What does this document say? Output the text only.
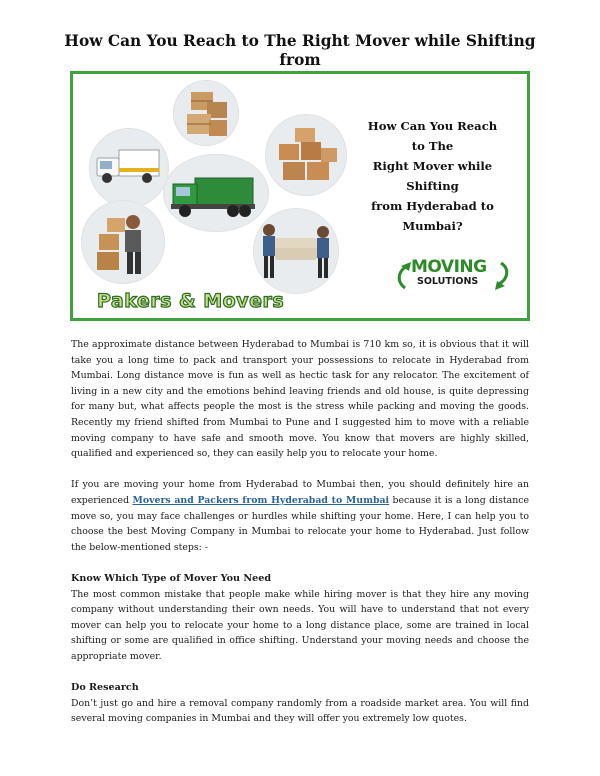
How Can You Reach to The Right Mover while Shifting from
How Can You Reach to The
Right Mover while Shifting
from Hyderabad to
Mumbai?
MOVING
SOLUTIONS
Pakers & Movers

The approximate distance between Hyderabad to Mumbai is 710 km so, it is obvious that it will take you a long time to pack and transport your possessions to relocate in Hyderabad from Mumbai. Long distance move is fun as well as hectic task for any relocator. The excitement of living in a new city and the emotions behind leaving friends and old house, is quite depressing for many but, what affects people the most is the stress while packing and moving the goods. Recently my friend shifted from Mumbai to Pune and I suggested him to move with a reliable moving company to have safe and smooth move. You know that movers are highly skilled, qualified and experienced so, they can easily help you to relocate your home.

If you are moving your home from Hyderabad to Mumbai then, you should definitely hire an experienced Movers and Packers from Hyderabad to Mumbai because it is a long distance move so, you may face challenges or hurdles while shifting your home. Here, I can help you to choose the best Moving Company in Mumbai to relocate your home to Hyderabad. Just follow the below-mentioned steps: -

Know Which Type of Mover You Need

The most common mistake that people make while hiring mover is that they hire any moving company without understanding their own needs. You will have to understand that not every mover can help you to relocate your home to a long distance place, some are trained in local shifting or some are qualified in office shifting. Understand your moving needs and choose the appropriate mover.

Do Research

Don’t just go and hire a removal company randomly from a roadside market area. You will find several moving companies in Mumbai and they will offer you extremely low quotes.
